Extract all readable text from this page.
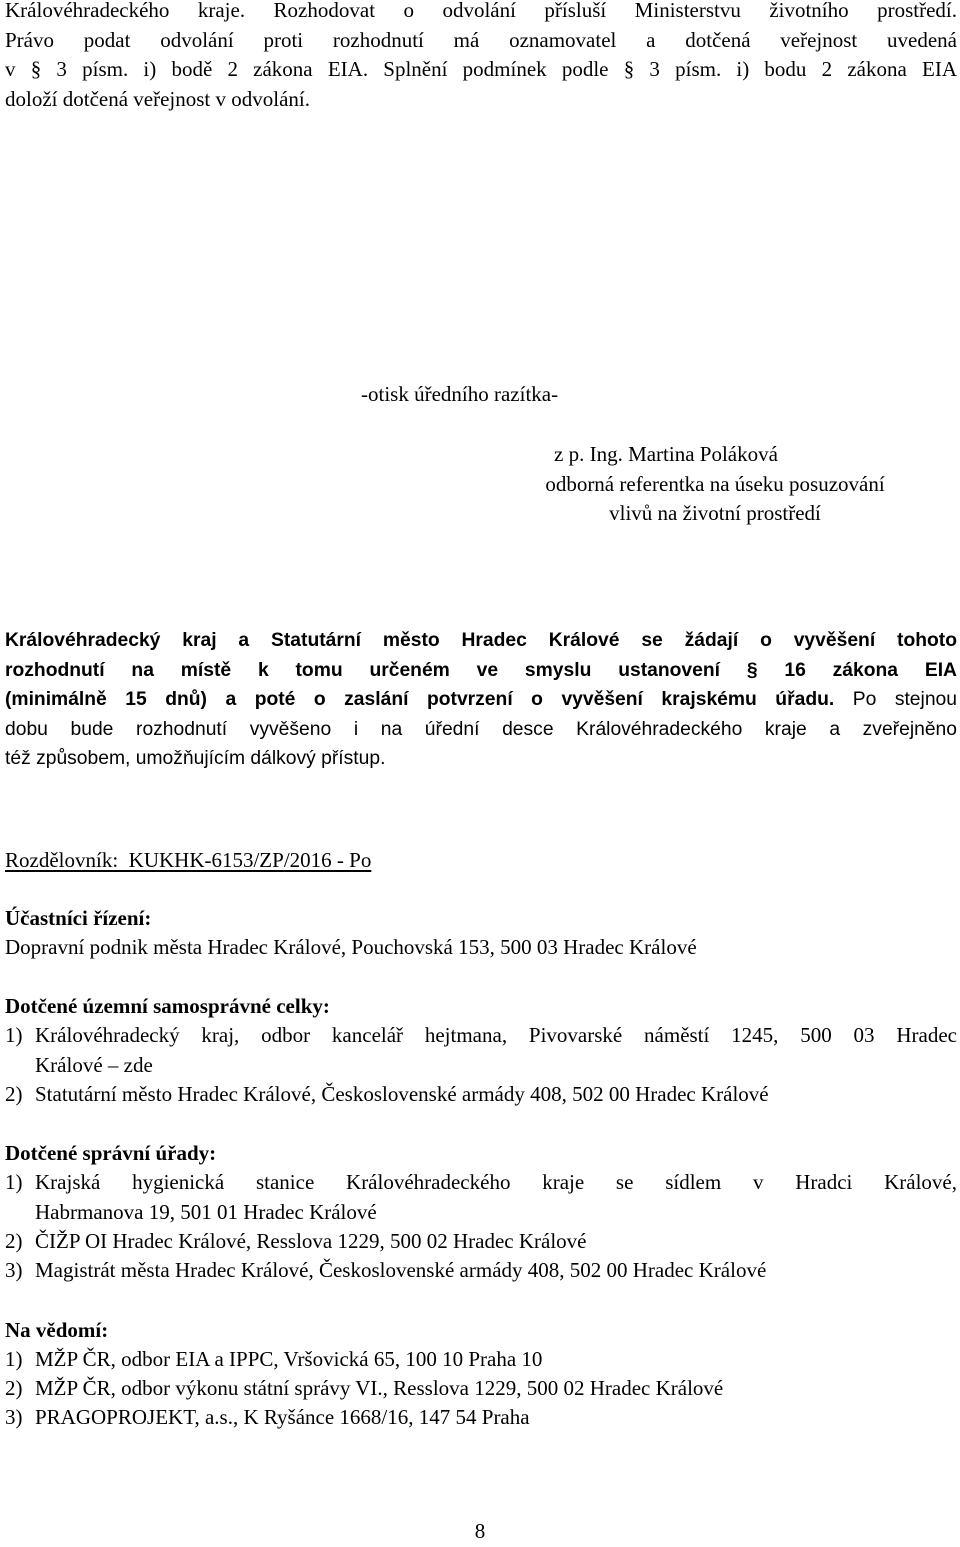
Královéhradeckého kraje. Rozhodovat o odvolání přísluší Ministerstvu životního prostředí.
Právo podat odvolání proti rozhodnutí má oznamovatel a dotčená veřejnost uvedená
v § 3 písm. i) bodě 2 zákona EIA. Splnění podmínek podle § 3 písm. i) bodu 2 zákona EIA
doloží dotčená veřejnost v odvolání.
-otisk úředního razítka-
z p. Ing. Martina Poláková
odborná referentka na úseku posuzování
vlivů na životní prostředí
Královéhradecký kraj a Statutární město Hradec Králové se žádají o vyvěšení tohoto
rozhodnutí na místě k tomu určeném ve smyslu ustanovení § 16 zákona EIA
(minimálně 15 dnů) a poté o zaslání potvrzení o vyvěšení krajskému úřadu. Po stejnou
dobu bude rozhodnutí vyvěšeno i na úřední desce Královéhradeckého kraje a zveřejněno
též způsobem, umožňujícím dálkový přístup.
Rozdělovník:  KUKHK-6153/ZP/2016 - Po
Účastníci řízení:
Dopravní podnik města Hradec Králové, Pouchovská 153, 500 03 Hradec Králové
Dotčené územní samosprávné celky:
1) Královéhradecký kraj, odbor kancelář hejtmana, Pivovarské náměstí 1245, 500 03 Hradec
Králové – zde
2) Statutární město Hradec Králové, Československé armády 408, 502 00 Hradec Králové
Dotčené správní úřady:
1) Krajská hygienická stanice Královéhradeckého kraje se sídlem v Hradci Králové,
Habrmanova 19, 501 01 Hradec Králové
2) ČIŽP OI Hradec Králové, Resslova 1229, 500 02 Hradec Králové
3) Magistrát města Hradec Králové, Československé armády 408, 502 00 Hradec Králové
Na vědomí:
1) MŽP ČR, odbor EIA a IPPC, Vršovická 65, 100 10 Praha 10
2) MŽP ČR, odbor výkonu státní správy VI., Resslova 1229, 500 02 Hradec Králové
3) PRAGOPROJEKT, a.s., K Ryšánce 1668/16, 147 54 Praha
8
